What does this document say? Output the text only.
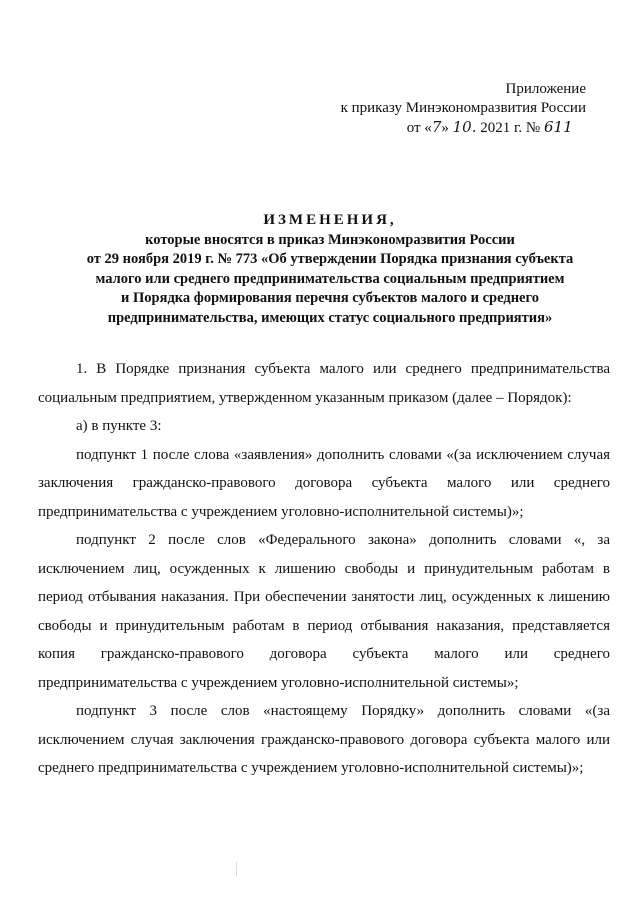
Приложение
к приказу Минэкономразвития России
от «7» 10. 2021 г. № 611
ИЗМЕНЕНИЯ,
которые вносятся в приказ Минэкономразвития России
от 29 ноября 2019 г. № 773 «Об утверждении Порядка признания субъекта
малого или среднего предпринимательства социальным предприятием
и Порядка формирования перечня субъектов малого и среднего
предпринимательства, имеющих статус социального предприятия»

1. В Порядке признания субъекта малого или среднего предпринимательства социальным предприятием, утвержденном указанным приказом (далее – Порядок):

а) в пункте 3:

подпункт 1 после слова «заявления» дополнить словами «(за исключением случая заключения гражданско-правового договора субъекта малого или среднего предпринимательства с учреждением уголовно-исполнительной системы)»;

подпункт 2 после слов «Федерального закона» дополнить словами «, за исключением лиц, осужденных к лишению свободы и принудительным работам в период отбывания наказания. При обеспечении занятости лиц, осужденных к лишению свободы и принудительным работам в период отбывания наказания, представляется копия гражданско-правового договора субъекта малого или среднего предпринимательства с учреждением уголовно-исполнительной системы»;

подпункт 3 после слов «настоящему Порядку» дополнить словами «(за исключением случая заключения гражданско-правового договора субъекта малого или среднего предпринимательства с учреждением уголовно-исполнительной системы)»;
